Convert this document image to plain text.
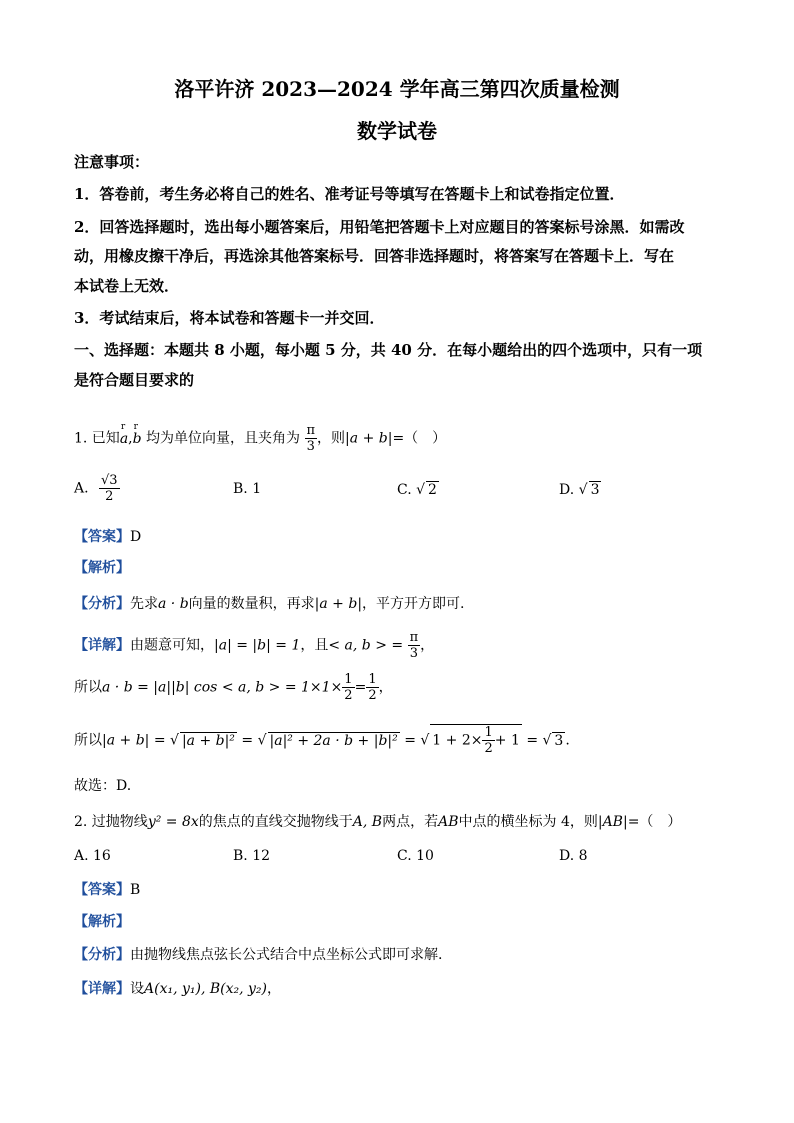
洛平许济 2023—2024 学年高三第四次质量检测
数学试卷
注意事项：
1．答卷前，考生务必将自己的姓名、准考证号等填写在答题卡上和试卷指定位置．
2．回答选择题时，选出每小题答案后，用铅笔把答题卡上对应题目的答案标号涂黑．如需改
动，用橡皮擦干净后，再选涂其他答案标号．回答非选择题时，将答案写在答题卡上．写在
本试卷上无效．
3．考试结束后，将本试卷和答题卡一并交回．
一、选择题：本题共 8 小题，每小题 5 分，共 40 分．在每小题给出的四个选项中，只有一项
是符合题目要求的
1. 已知r a,r b 均为单位向量，且夹角为 $\frac{\pi}{3}$ ，则|a + b|=（　）
A. $\frac{√3}{2}$	B. 1	C. √ 2	D. √ 3
【答案】D
【解析】
【分析】先求a · b向量的数量积，再求|a + b|，平方开方即可.
【详解】由题意可知，|a| = |b| = 1，且< a, b > = $\frac{\pi}{3}$ ，
所以a · b = |a||b| cos < a, b > = $1\times 1\times \frac{1}{2} = \frac{1}{2}$ ，
所以|a + b| = √ |a + b|² = √ |a|² + 2a · b + |b|² = √ $1 + 2\times \frac{1}{2} + 1$ = √ 3 .
故选：D.
2. 过抛物线y² = 8x的焦点的直线交抛物线于A, B两点，若AB中点的横坐标为 4，则|AB|=（　）
A. 16	B. 12	C. 10	D. 8
【答案】B
【解析】
【分析】由抛物线焦点弦长公式结合中点坐标公式即可求解.
【详解】设A(x₁, y₁), B(x₂, y₂)，
